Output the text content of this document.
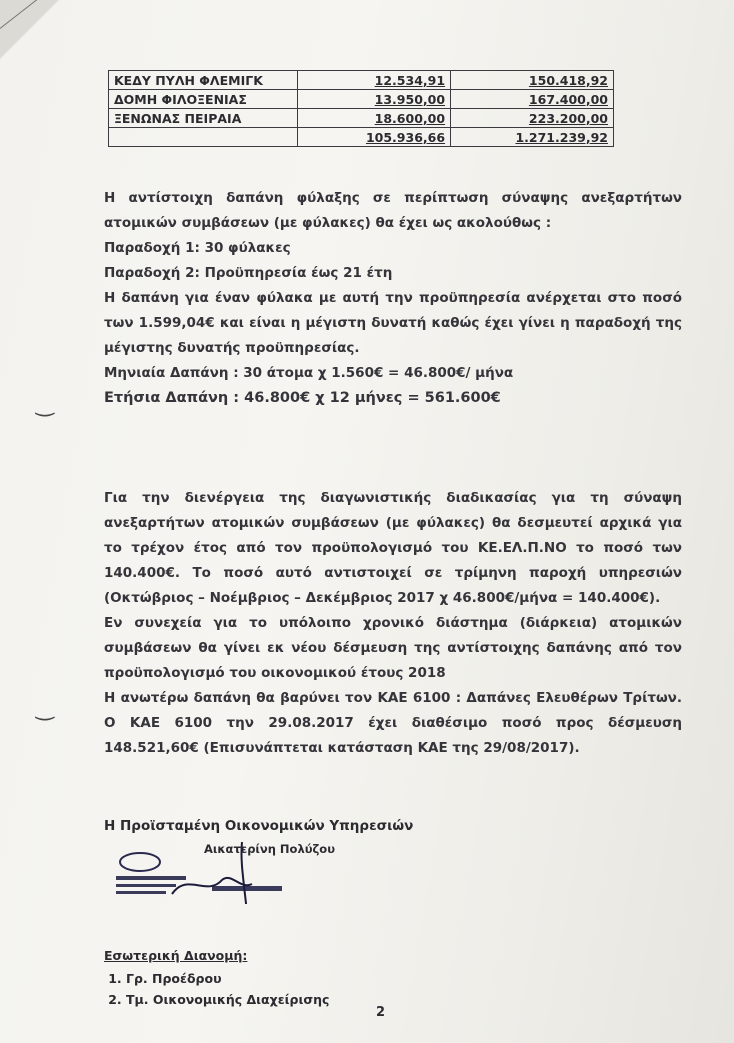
ΚΕΔΥ ΠΥΛΗ ΦΛΕΜΙΓΚ	12.534,91	150.418,92
ΔΟΜΗ ΦΙΛΟΞΕΝΙΑΣ	13.950,00	167.400,00
ΞΕΝΩΝΑΣ ΠΕΙΡΑΙΑ	18.600,00	223.200,00
	105.936,66	1.271.239,92

Η αντίστοιχη δαπάνη φύλαξης σε περίπτωση σύναψης ανεξαρτήτων ατομικών συμβάσεων (με φύλακες) θα έχει ως ακολούθως :

Παραδοχή 1: 30 φύλακες

Παραδοχή 2: Προϋπηρεσία έως 21 έτη

Η δαπάνη για έναν φύλακα με αυτή την προϋπηρεσία ανέρχεται στο ποσό των 1.599,04€ και είναι η μέγιστη δυνατή καθώς έχει γίνει η παραδοχή της μέγιστης δυνατής προϋπηρεσίας.

Μηνιαία Δαπάνη : 30 άτομα χ 1.560€ = 46.800€/ μήνα

Ετήσια Δαπάνη : 46.800€ χ 12 μήνες = 561.600€

Για την διενέργεια της διαγωνιστικής διαδικασίας για τη σύναψη ανεξαρτήτων ατομικών συμβάσεων (με φύλακες) θα δεσμευτεί αρχικά για το τρέχον έτος από τον προϋπολογισμό του ΚΕ.ΕΛ.Π.ΝΟ το ποσό των 140.400€. Το ποσό αυτό αντιστοιχεί σε τρίμηνη παροχή υπηρεσιών (Οκτώβριος – Νοέμβριος – Δεκέμβριος 2017 χ 46.800€/μήνα = 140.400€).

Εν συνεχεία για το υπόλοιπο χρονικό διάστημα (διάρκεια) ατομικών συμβάσεων θα γίνει εκ νέου δέσμευση της αντίστοιχης δαπάνης από τον προϋπολογισμό του οικονομικού έτους 2018

Η ανωτέρω δαπάνη θα βαρύνει τον ΚΑΕ 6100 : Δαπάνες Ελευθέρων Τρίτων. Ο ΚΑΕ 6100 την 29.08.2017 έχει διαθέσιμο ποσό προς δέσμευση 148.521,60€ (Επισυνάπτεται κατάσταση ΚΑΕ της 29/08/2017).

Η Προϊσταμένη Οικονομικών Υπηρεσιών
Αικατερίνη Πολύζου
Εσωτερική Διανομή:
1. Γρ. Προέδρου
2. Τμ. Οικονομικής Διαχείρισης
2
‿
‿
